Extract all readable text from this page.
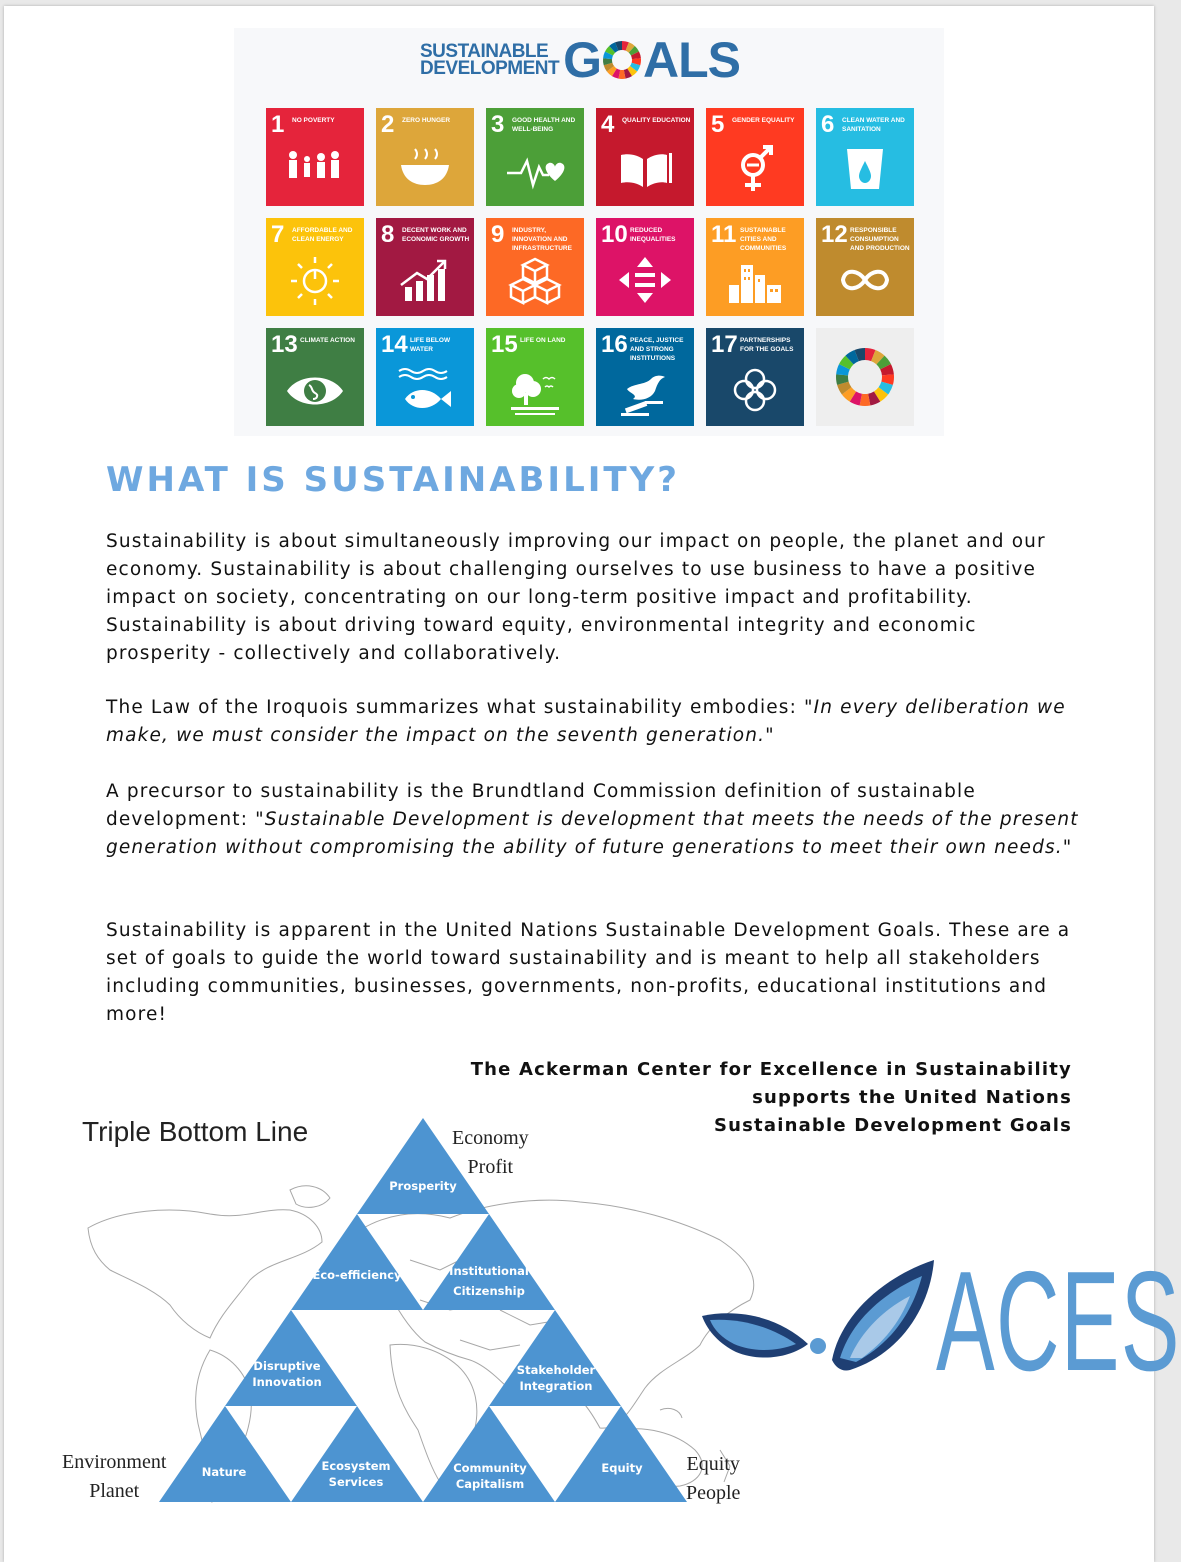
SUSTAINABLE
DEVELOPMENT G ALS
1 NO POVERTY	2 ZERO HUNGER	3 GOOD HEALTH AND WELL-BEING	4 QUALITY EDUCATION 5 GENDER EQUALITY 6 CLEAN WATER AND SANITATION
7 AFFORDABLE AND CLEAN ENERGY	8 DECENT WORK AND ECONOMIC GROWTH 9 INDUSTRY, INNOVATION AND INFRASTRUCTURE
10 REDUCED INEQUALITIES	11 SUSTAINABLE CITIES AND COMMUNITIES
12 RESPONSIBLE CONSUMPTION AND PRODUCTION
13 CLIMATE ACTION 14 LIFE BELOW WATER	15 LIFE ON LAND	16 PEACE, JUSTICE AND STRONG INSTITUTIONS
17 PARTNERSHIPS FOR THE GOALS
WHAT IS SUSTAINABILITY?

Sustainability is about simultaneously improving our impact on people, the planet and our economy. Sustainability is about challenging ourselves to use business to have a positive impact on society, concentrating on our long-term positive impact and profitability. Sustainability is about driving toward equity, environmental integrity and economic prosperity - collectively and collaboratively.

The Law of the Iroquois summarizes what sustainability embodies: "In every deliberation we make, we must consider the impact on the seventh generation."

A precursor to sustainability is the Brundtland Commission definition of sustainable development: "Sustainable Development is development that meets the needs of the present generation without compromising the ability of future generations to meet their own needs."

Sustainability is apparent in the United Nations Sustainable Development Goals. These are a set of goals to guide the world toward sustainability and is meant to help all stakeholders including communities, businesses, governments, non-profits, educational institutions and more!

The Ackerman Center for Excellence in Sustainability
supports the United Nations
Sustainable Development Goals
Triple Bottom Line	Economy
Profit
Environment
Planet
Equity
People
Prosperity
Eco-efficiency	Institutional
Citizenship
Disruptive
Innovation
Stakeholder
Integration
Nature	Ecosystem
Services
Community
Capitalism
Equity
ACES
